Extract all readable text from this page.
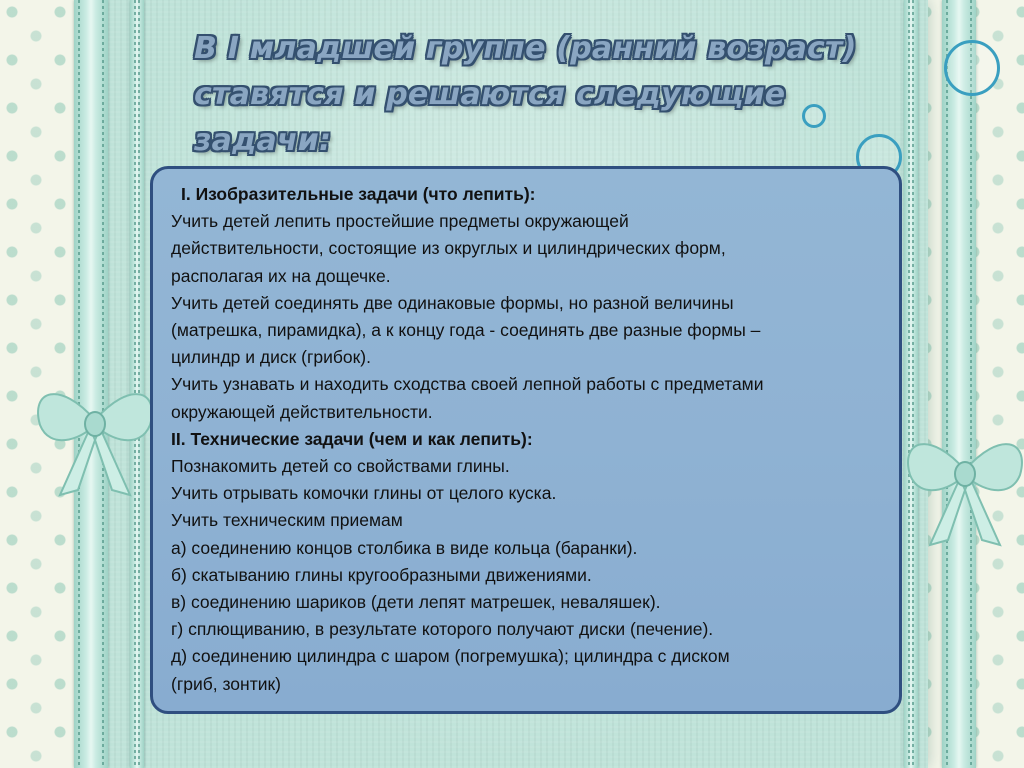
В I младшей группе (ранний возраст)
ставятся и решаются следующие
задачи:

I. Изобразительные задачи (что лепить):

Учить детей лепить простейшие предметы окружающей

действительности, состоящие из округлых и цилиндрических форм,

располагая их на дощечке.

Учить детей соединять две одинаковые формы, но разной величины

(матрешка, пирамидка), а к концу года - соединять две разные формы –

цилиндр и диск (грибок).

Учить узнавать и находить сходства своей лепной работы с предметами

окружающей действительности.

II. Технические задачи (чем и как лепить):

Познакомить детей со свойствами глины.

Учить отрывать комочки глины от целого куска.

Учить техническим приемам

а) соединению концов столбика в виде кольца (баранки).

б) скатыванию глины кругообразными движениями.

в) соединению шариков (дети лепят матрешек, неваляшек).

г) сплющиванию, в результате которого получают диски (печение).

д) соединению цилиндра с шаром (погремушка); цилиндра с диском

(гриб, зонтик)
